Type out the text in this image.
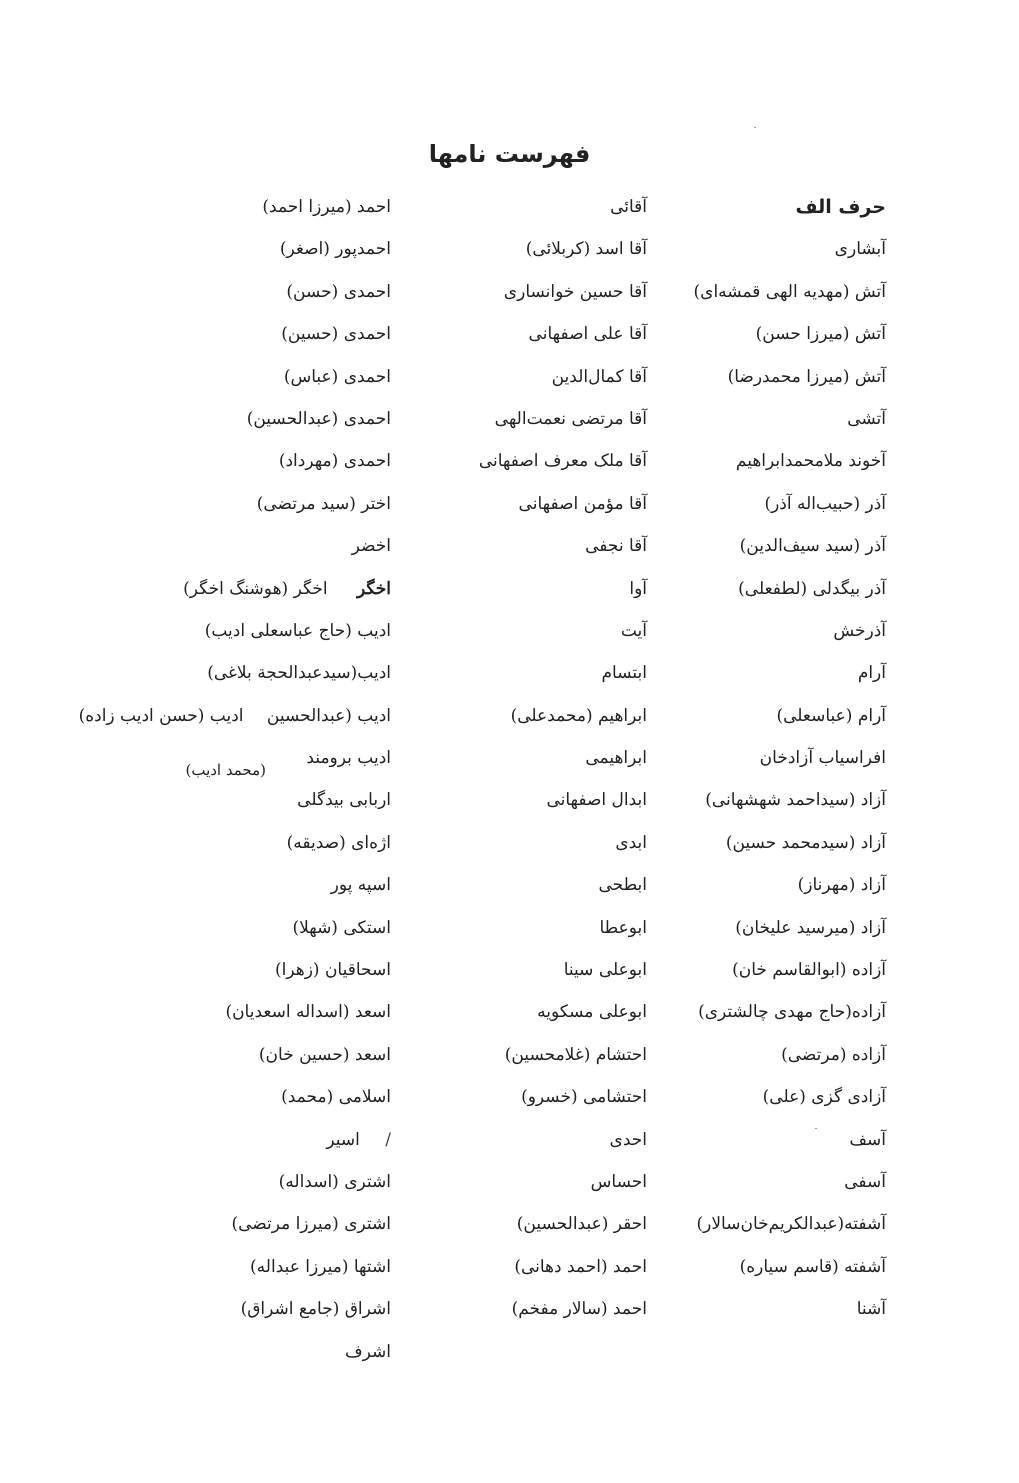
فهرست نامها
حرف الف
آبشاری
آتش (مهدیه الهی قمشه‌ای)
آتش (میرزا حسن)
آتش (میرزا محمدرضا)
آتشی
آخوند ملامحمدابراهیم
آذر (حبیب‌اله آذر)
آذر (سید سیف‌الدین)
آذر بیگدلی (لطفعلی)
آذرخش
آرام
آرام (عباسعلی)
افراسیاب آزادخان
آزاد (سیداحمد شهشهانی)
آزاد (سیدمحمد حسین)
آزاد (مهرناز)
آزاد (میرسید علیخان)
آزاده (ابوالقاسم خان)
آزاده(حاج مهدی چالشتری)
آزاده (مرتضی)
آزادی گزی (علی)
آسف
آسفی
آشفته(عبدالکریم‌خان‌سالار)
آشفته (قاسم سیاره)
آشنا
آقائی
آقا اسد (کربلائی)
آقا حسین خوانساری
آقا علی اصفهانی
آقا کمال‌الدین
آقا مرتضی نعمت‌الهی
آقا ملک معرف اصفهانی
آقا مؤمن اصفهانی
آقا نجفی
آوا
آیت
ابتسام
ابراهیم (محمدعلی)
ابراهیمی
ابدال اصفهانی
ابدی
ابطحی
ابوعطا
ابوعلی سینا
ابوعلی مسکویه
احتشام (غلامحسین)
احتشامی (خسرو)
احدی
احساس
احقر (عبدالحسین)
احمد (احمد دهانی)
احمد (سالار مفخم)
احمد (میرزا احمد)
احمدپور (اصغر)
احمدی (حسن)
احمدی (حسین)
احمدی (عباس)
احمدی (عبدالحسین)
احمدی (مهرداد)
اختر (سید مرتضی)
اخضر
اخگر اخگر (هوشنگ اخگر)
ادیب (حاج عباسعلی ادیب)
ادیب(سیدعبدالحجة بلاغی)
ادیب (عبدالحسین ادیب (حسن ادیب زاده)
ادیب برومند
(محمد ادیب)
اربابی بیدگلی
اژه‌ای (صدیقه)
اسپه پور
استکی (شهلا)
اسحاقیان (زهرا)
اسعد (اسداله اسعدیان)
اسعد (حسین خان)
اسلامی (محمد)
/ اسیر
اشتری (اسداله)
اشتری (میرزا مرتضی)
اشتها (میرزا عبداله)
اشراق (جامع اشراق)
اشرف
